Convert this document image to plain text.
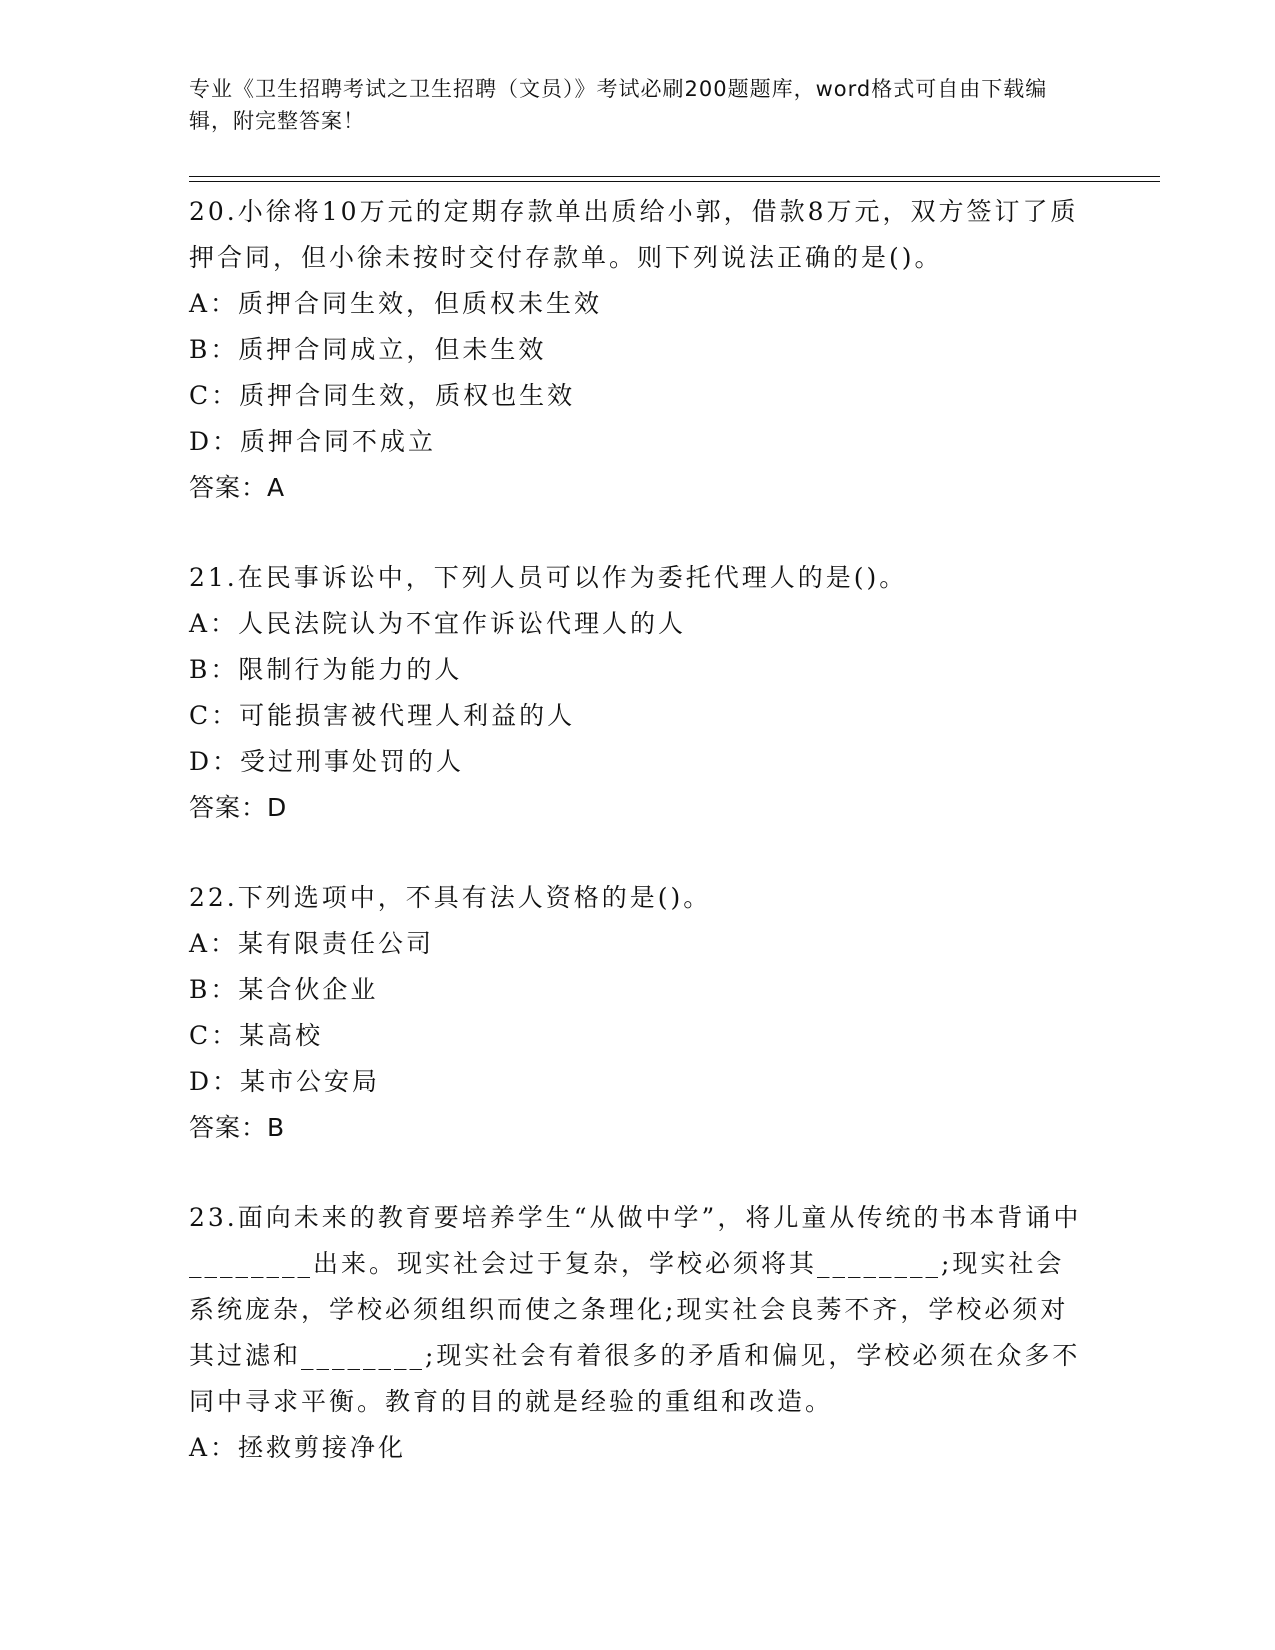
专业《卫生招聘考试之卫生招聘（文员）》考试必刷200题题库，word格式可自由下载编辑，附完整答案！

20.小徐将10万元的定期存款单出质给小郭，借款8万元，双方签订了质押合同，但小徐未按时交付存款单。则下列说法正确的是()。

A：质押合同生效，但质权未生效

B：质押合同成立，但未生效

C：质押合同生效，质权也生效

D：质押合同不成立

答案：A

21.在民事诉讼中，下列人员可以作为委托代理人的是()。

A：人民法院认为不宜作诉讼代理人的人

B：限制行为能力的人

C：可能损害被代理人利益的人

D：受过刑事处罚的人

答案：D

22.下列选项中，不具有法人资格的是()。

A：某有限责任公司

B：某合伙企业

C：某高校

D：某市公安局

答案：B

23.面向未来的教育要培养学生“从做中学”，将儿童从传统的书本背诵中________出来。现实社会过于复杂，学校必须将其________;现实社会系统庞杂，学校必须组织而使之条理化;现实社会良莠不齐，学校必须对其过滤和________;现实社会有着很多的矛盾和偏见，学校必须在众多不同中寻求平衡。教育的目的就是经验的重组和改造。

A：拯救剪接净化
